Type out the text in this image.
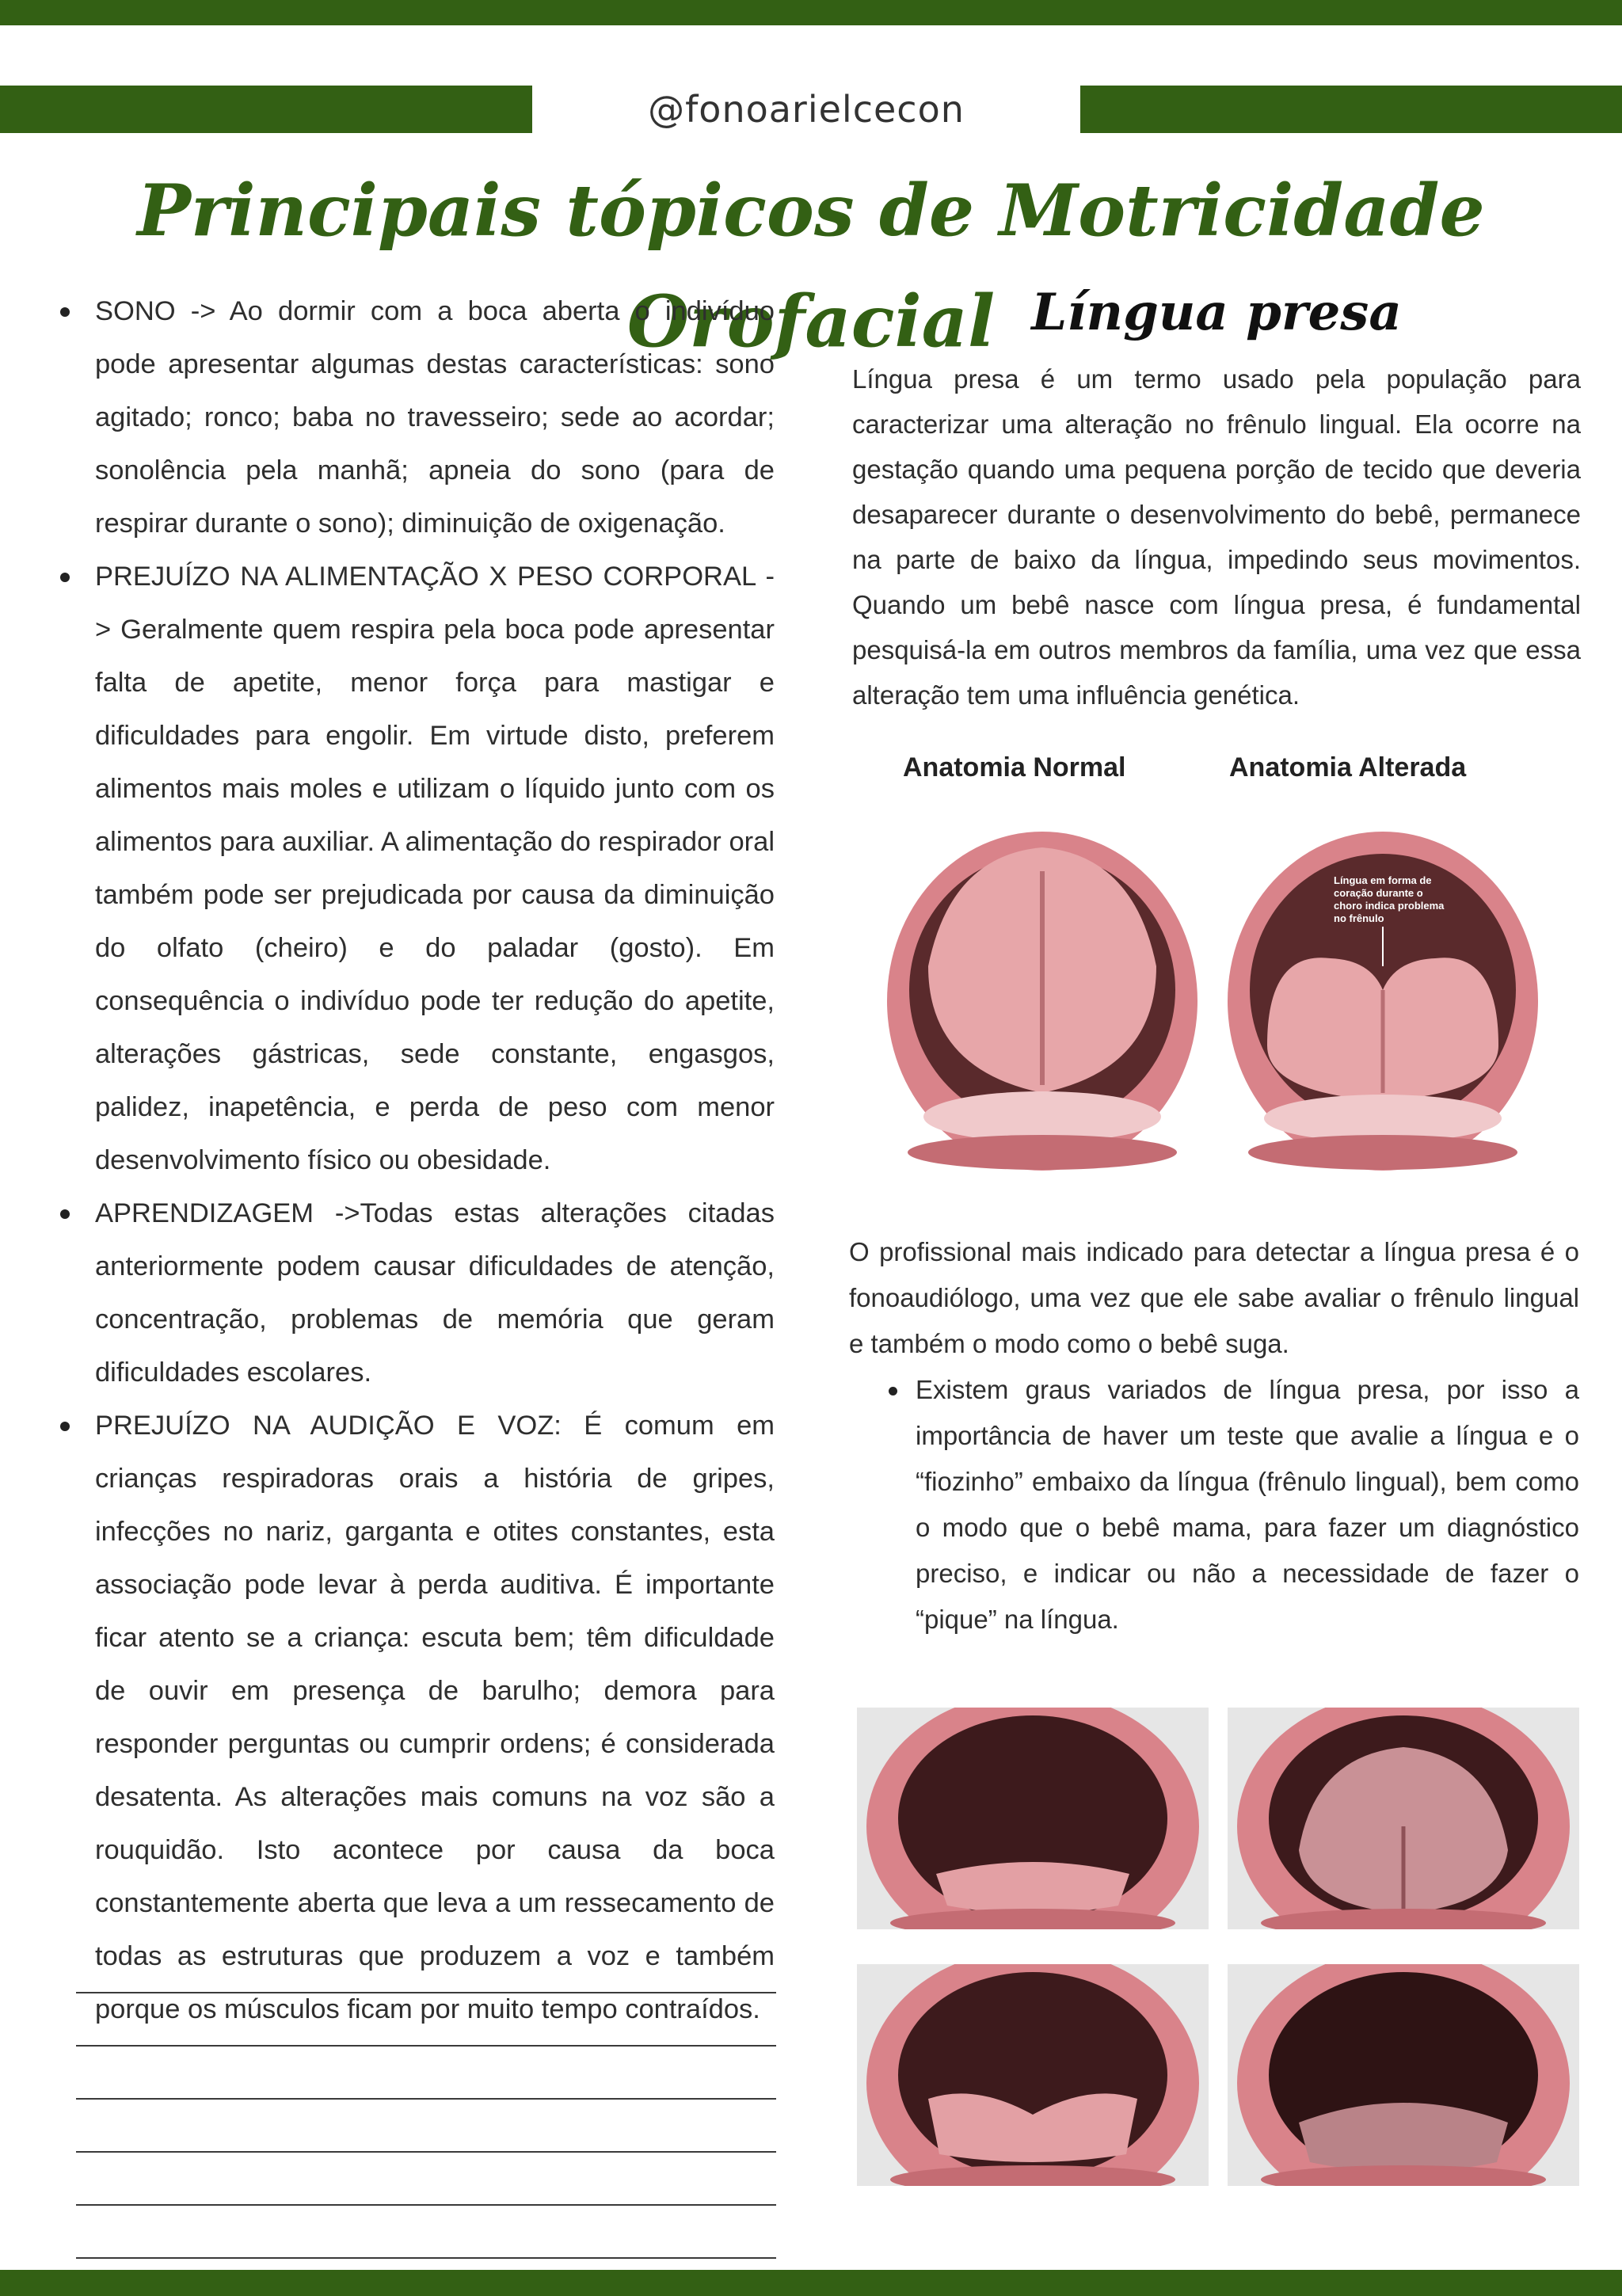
@fonoarielcecon
Principais tópicos de Motricidade Orofacial
SONO -> Ao dormir com a boca aberta o indivíduo pode apresentar algumas destas características: sono agitado; ronco; baba no travesseiro; sede ao acordar; sonolência pela manhã; apneia do sono (para de respirar durante o sono); diminuição de oxigenação.
PREJUÍZO NA ALIMENTAÇÃO X PESO CORPORAL -> Geralmente quem respira pela boca pode apresentar falta de apetite, menor força para mastigar e dificuldades para engolir. Em virtude disto, preferem alimentos mais moles e utilizam o líquido junto com os alimentos para auxiliar. A alimentação do respirador oral também pode ser prejudicada por causa da diminuição do olfato (cheiro) e do paladar (gosto). Em consequência o indivíduo pode ter redução do apetite, alterações gástricas, sede constante, engasgos, palidez, inapetência, e perda de peso com menor desenvolvimento físico ou obesidade.
APRENDIZAGEM ->Todas estas alterações citadas anteriormente podem causar dificuldades de atenção, concentração, problemas de memória que geram dificuldades escolares.
PREJUÍZO NA AUDIÇÃO E VOZ: É comum em crianças respiradoras orais a história de gripes, infecções no nariz, garganta e otites constantes, esta associação pode levar à perda auditiva. É importante ficar atento se a criança: escuta bem; têm dificuldade de ouvir em presença de barulho; demora para responder perguntas ou cumprir ordens; é considerada desatenta. As alterações mais comuns na voz são a rouquidão. Isto acontece por causa da boca constantemente aberta que leva a um ressecamento de todas as estruturas que produzem a voz e também porque os músculos ficam por muito tempo contraídos.
Língua presa

Língua presa é um termo usado pela população para caracterizar uma alteração no frênulo lingual. Ela ocorre na gestação quando uma pequena porção de tecido que deveria desaparecer durante o desenvolvimento do bebê, permanece na parte de baixo da língua, impedindo seus movimentos. Quando um bebê nasce com língua presa, é fundamental pesquisá-la em outros membros da família, uma vez que essa alteração tem uma influência genética.

Anatomia Normal	Anatomia Alterada
Língua em forma de
coração durante o
choro indica problema
no frênulo

O profissional mais indicado para detectar a língua presa é o fonoaudiólogo, uma vez que ele sabe avaliar o frênulo lingual e também o modo como o bebê suga.

Existem graus variados de língua presa, por isso a importância de haver um teste que avalie a língua e o “fiozinho” embaixo da língua (frênulo lingual), bem como o modo que o bebê mama, para fazer um diagnóstico preciso, e indicar ou não a necessidade de fazer o “pique” na língua.
